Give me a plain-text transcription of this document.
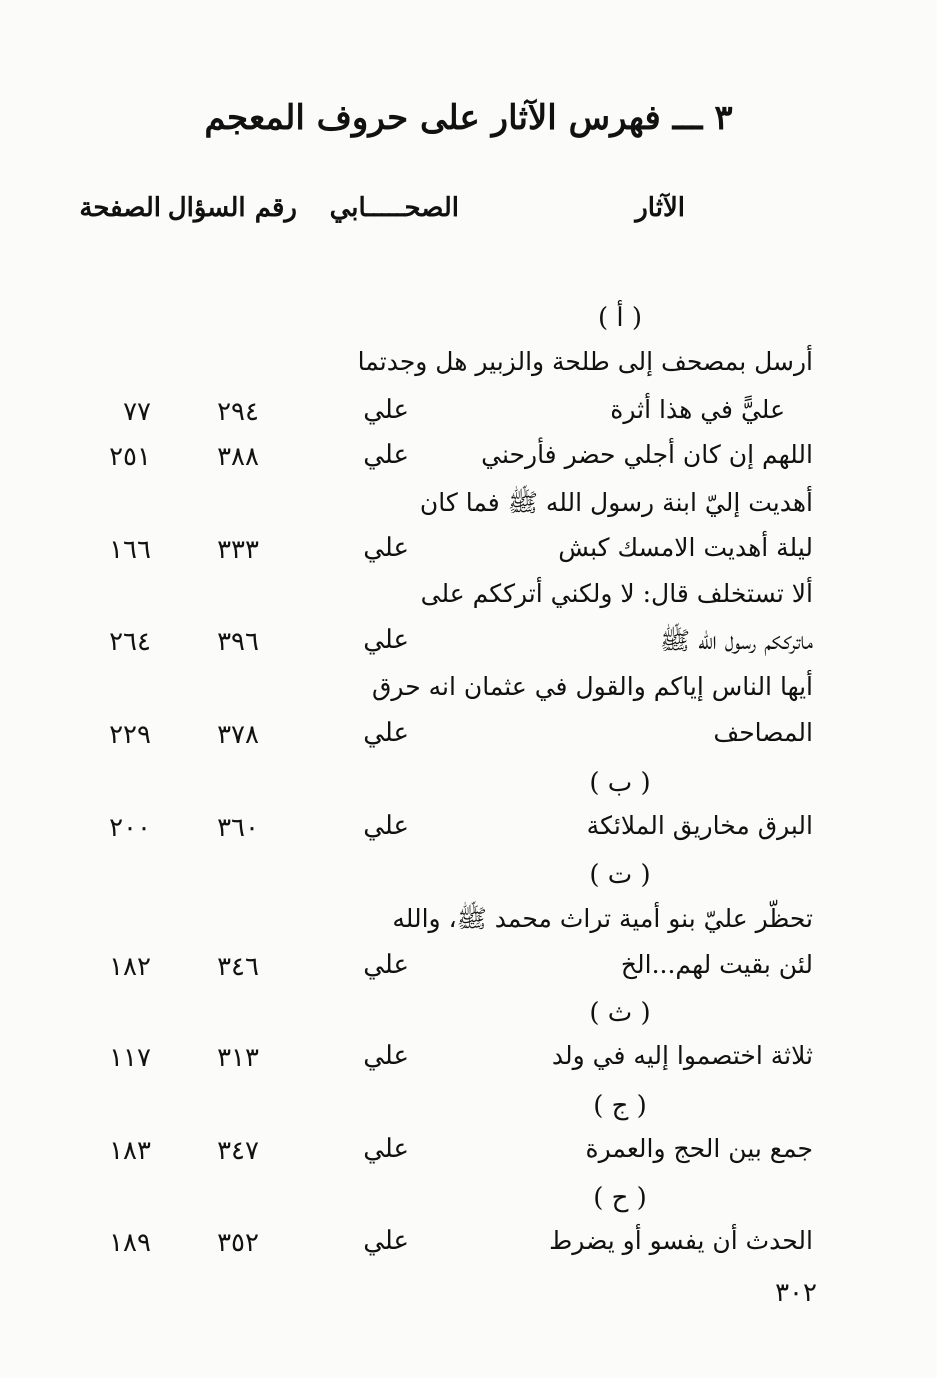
٣ ـــ فهرس الآثار على حروف المعجم
الآثار
الصحـــــابي
رقم السؤال
الصفحة
( أ )
أرسل بمصحف إلى طلحة والزبير هل وجدتما
عليًّ في هذا أثرة
علي
٢٩٤
٧٧
اللهم إن كان أجلي حضر فأرحني
علي
٣٨٨
٢٥١
أهديت إليّ ابنة رسول الله ﷺ فما كان
ليلة أهديت الامسك كبش
علي
٣٣٣
١٦٦
ألا تستخلف قال: لا ولكني أترككم على
ماترككم رسول الله ﷺ
علي
٣٩٦
٢٦٤
أيها الناس إياكم والقول في عثمان انه حرق
المصاحف
علي
٣٧٨
٢٢٩
( ب )
البرق مخاريق الملائكة
علي
٣٦٠
٢٠٠
( ت )
تحظّر عليّ بنو أمية تراث محمد ﷺ، والله
لئن بقيت لهم...الخ
علي
٣٤٦
١٨٢
( ث )
ثلاثة اختصموا إليه في ولد
علي
٣١٣
١١٧
( ج )
جمع بين الحج والعمرة
علي
٣٤٧
١٨٣
( ح )
الحدث أن يفسو أو يضرط
علي
٣٥٢
١٨٩
٣٠٢
